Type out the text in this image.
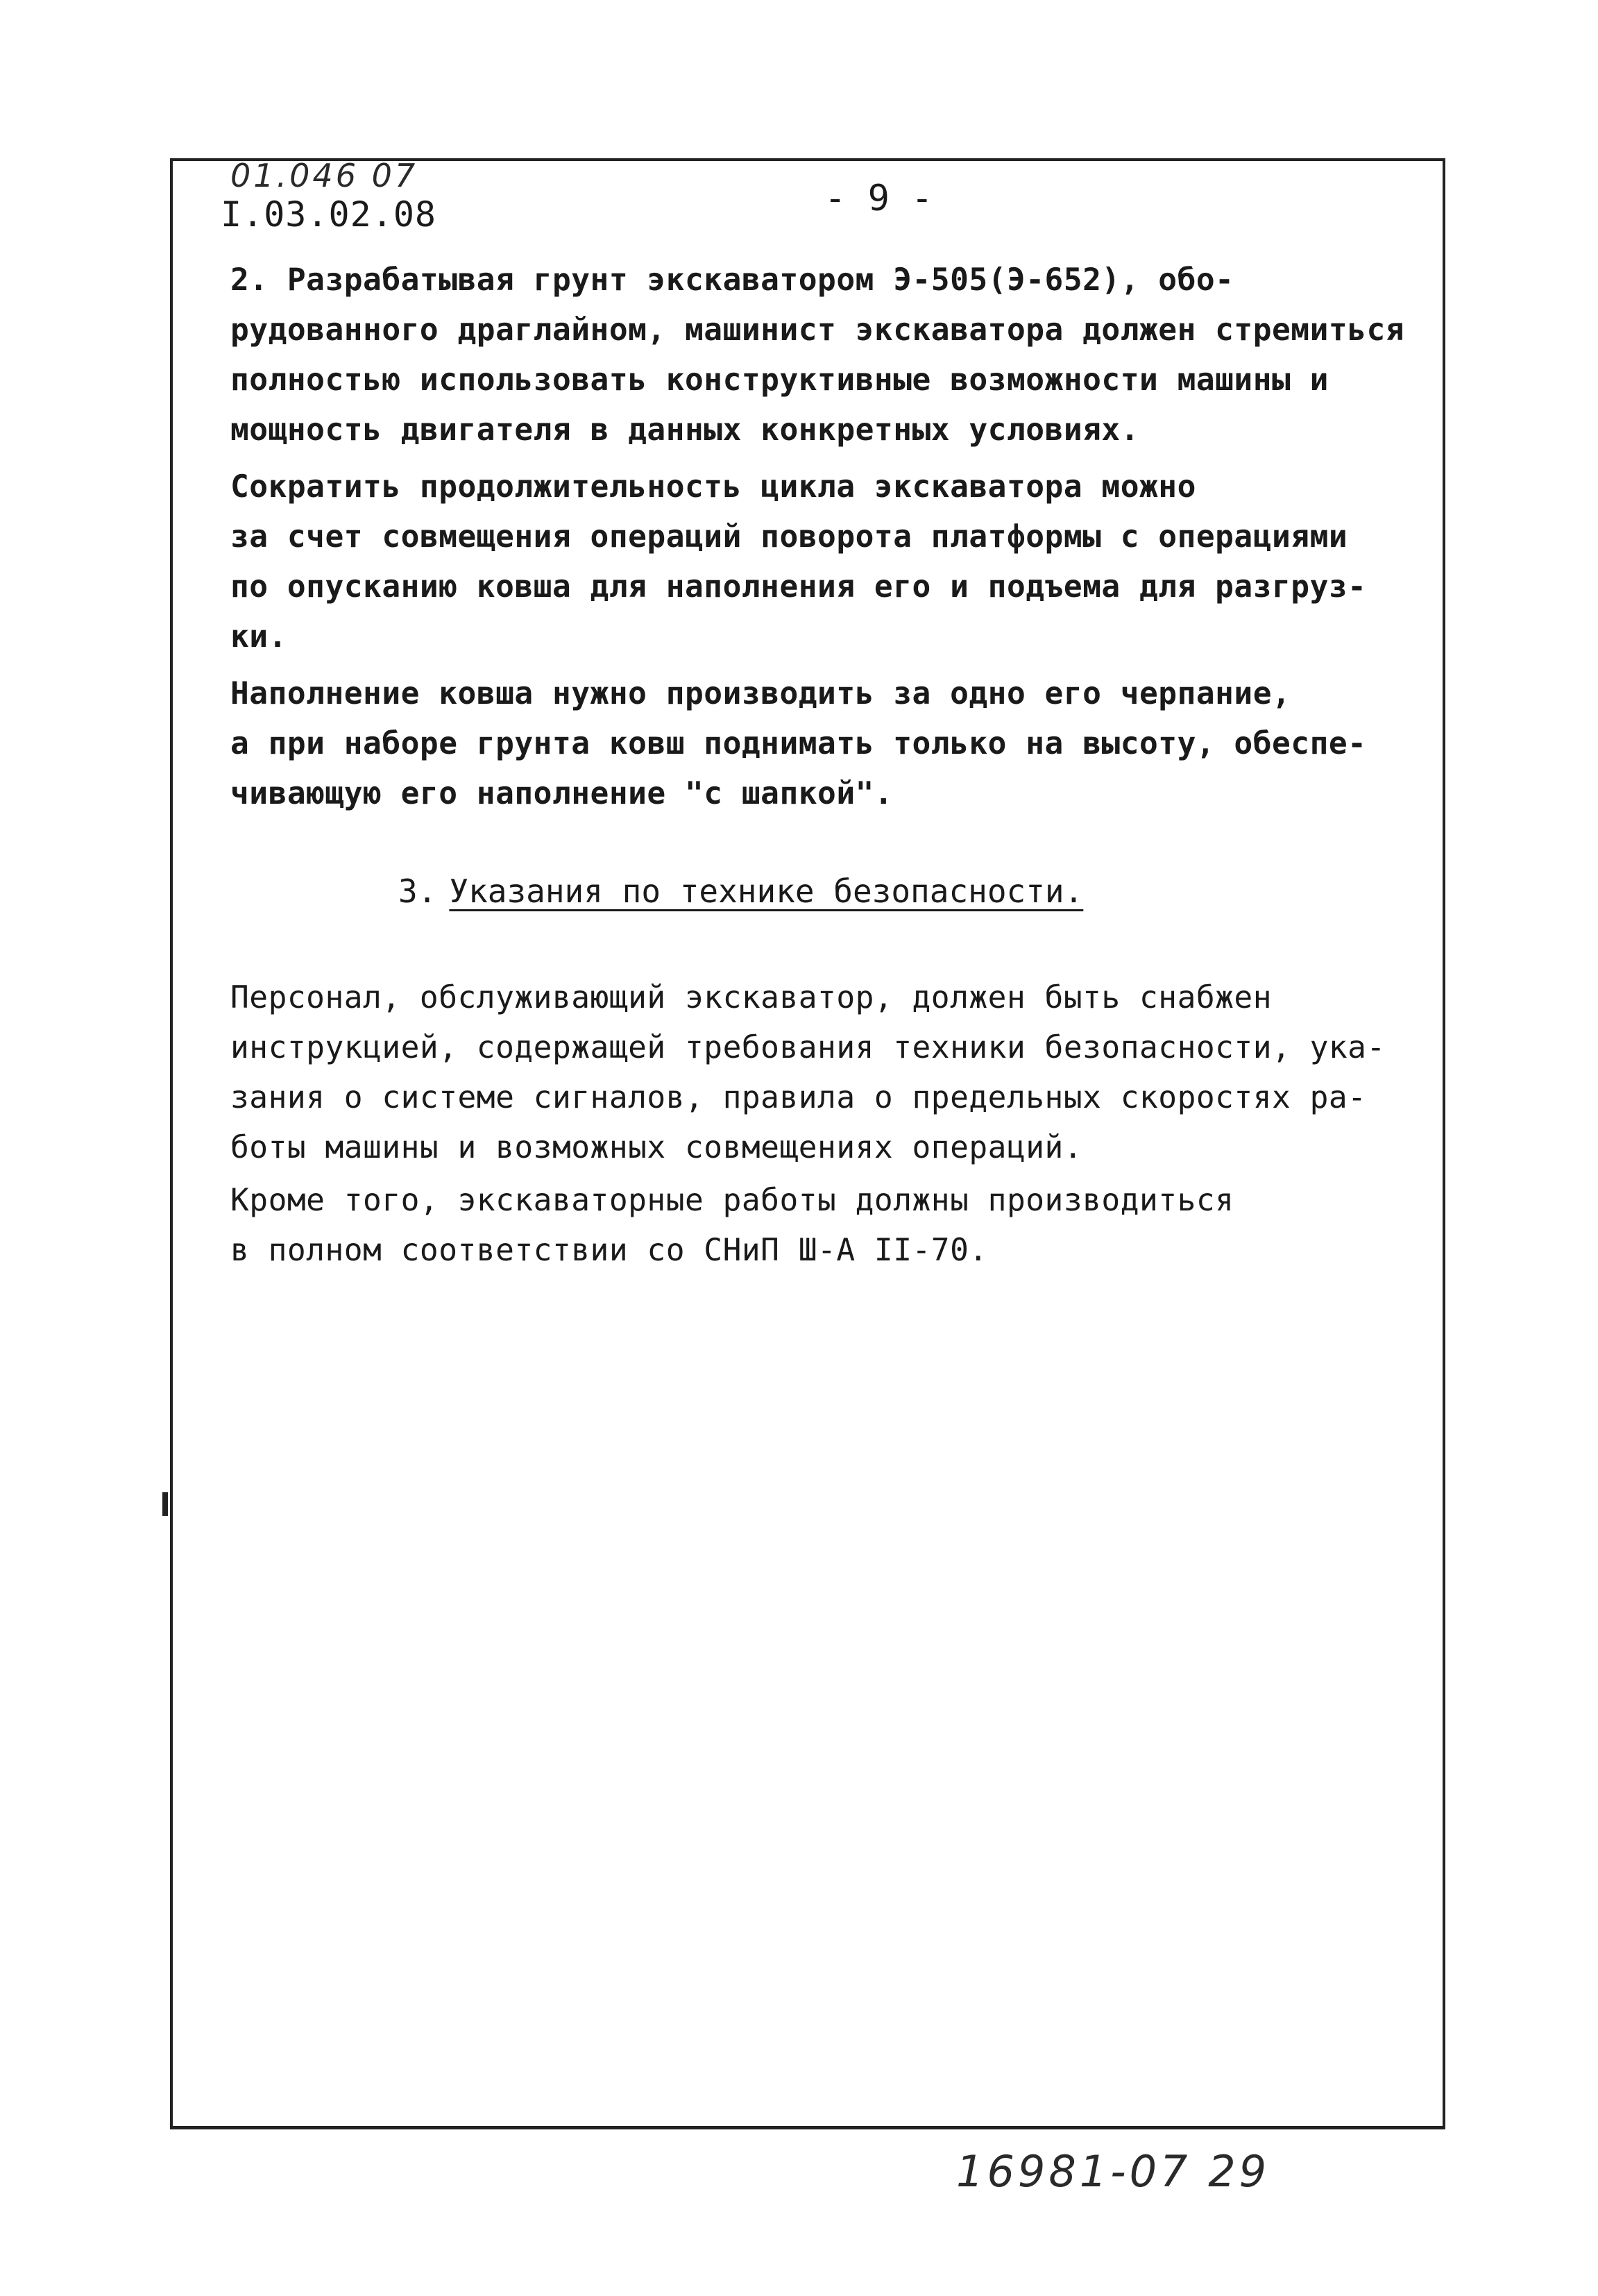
01.046 07
I.03.02.08	- 9 -
2. Разрабатывая грунт экскаватором Э-505(Э-652), обо-
рудованного драглайном, машинист экскаватора должен стремиться
полностью использовать конструктивные возможности машины и
мощность двигателя в данных конкретных условиях.
Сократить продолжительность цикла экскаватора можно
за счет совмещения операций поворота платформы с операциями
по опусканию ковша для наполнения его и подъема для разгруз-
ки.
Наполнение ковша нужно производить за одно его черпание,
а при наборе грунта ковш поднимать только на высоту, обеспе-
чивающую его наполнение "с шапкой".
3. Указания по технике безопасности.
Персонал, обслуживающий экскаватор, должен быть снабжен
инструкцией, содержащей требования техники безопасности, ука-
зания о системе сигналов, правила о предельных скоростях ра-
боты машины и возможных совмещениях операций.
Кроме того, экскаваторные работы должны производиться
в полном соответствии со СНиП Ш-А II-70.
16981-07 29
